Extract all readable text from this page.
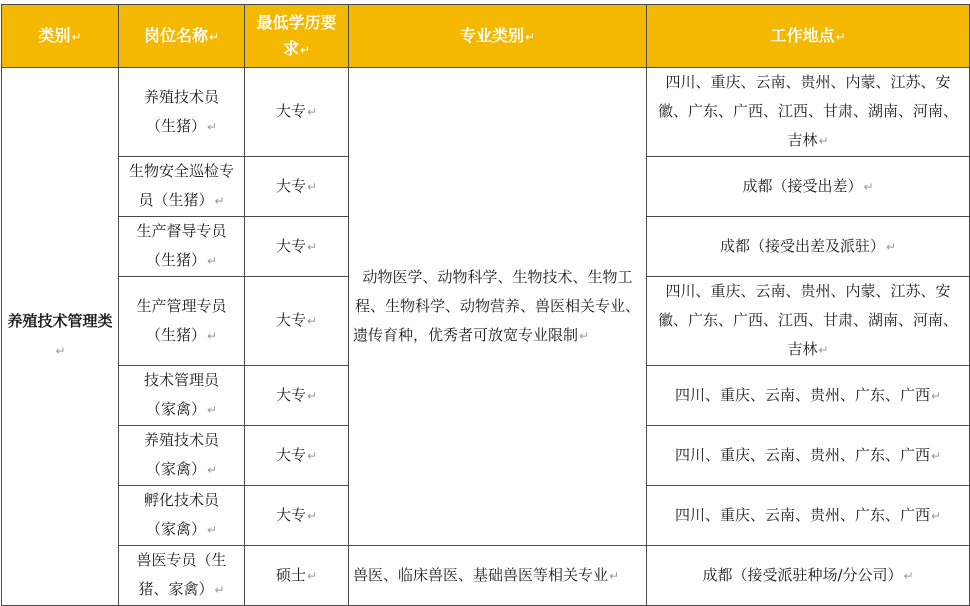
类别↵	岗位名称↵	最低学历要求↵	专业类别↵	工作地点↵
养殖技术管理类↵	养殖技术员（生猪）↵	大专↵	动物医学、动物科学、生物技术、生物工程、生物科学、动物营养、兽医相关专业、遗传育种，优秀者可放宽专业限制↵	四川、重庆、云南、贵州、内蒙、江苏、安徽、广东、广西、江西、甘肃、湖南、河南、吉林↵
	生物安全巡检专员（生猪）↵	大专↵		成都（接受出差）↵
	生产督导专员（生猪）↵	大专↵		成都（接受出差及派驻）↵
	生产管理专员（生猪）↵	大专↵		四川、重庆、云南、贵州、内蒙、江苏、安徽、广东、广西、江西、甘肃、湖南、河南、吉林↵
	技术管理员（家禽）↵	大专↵		四川、重庆、云南、贵州、广东、广西↵
	养殖技术员（家禽）↵	大专↵		四川、重庆、云南、贵州、广东、广西↵
	孵化技术员（家禽）↵	大专↵		四川、重庆、云南、贵州、广东、广西↵
	兽医专员（生猪、家禽）↵	硕士↵	兽医、临床兽医、基础兽医等相关专业↵	成都（接受派驻种场/分公司）↵
